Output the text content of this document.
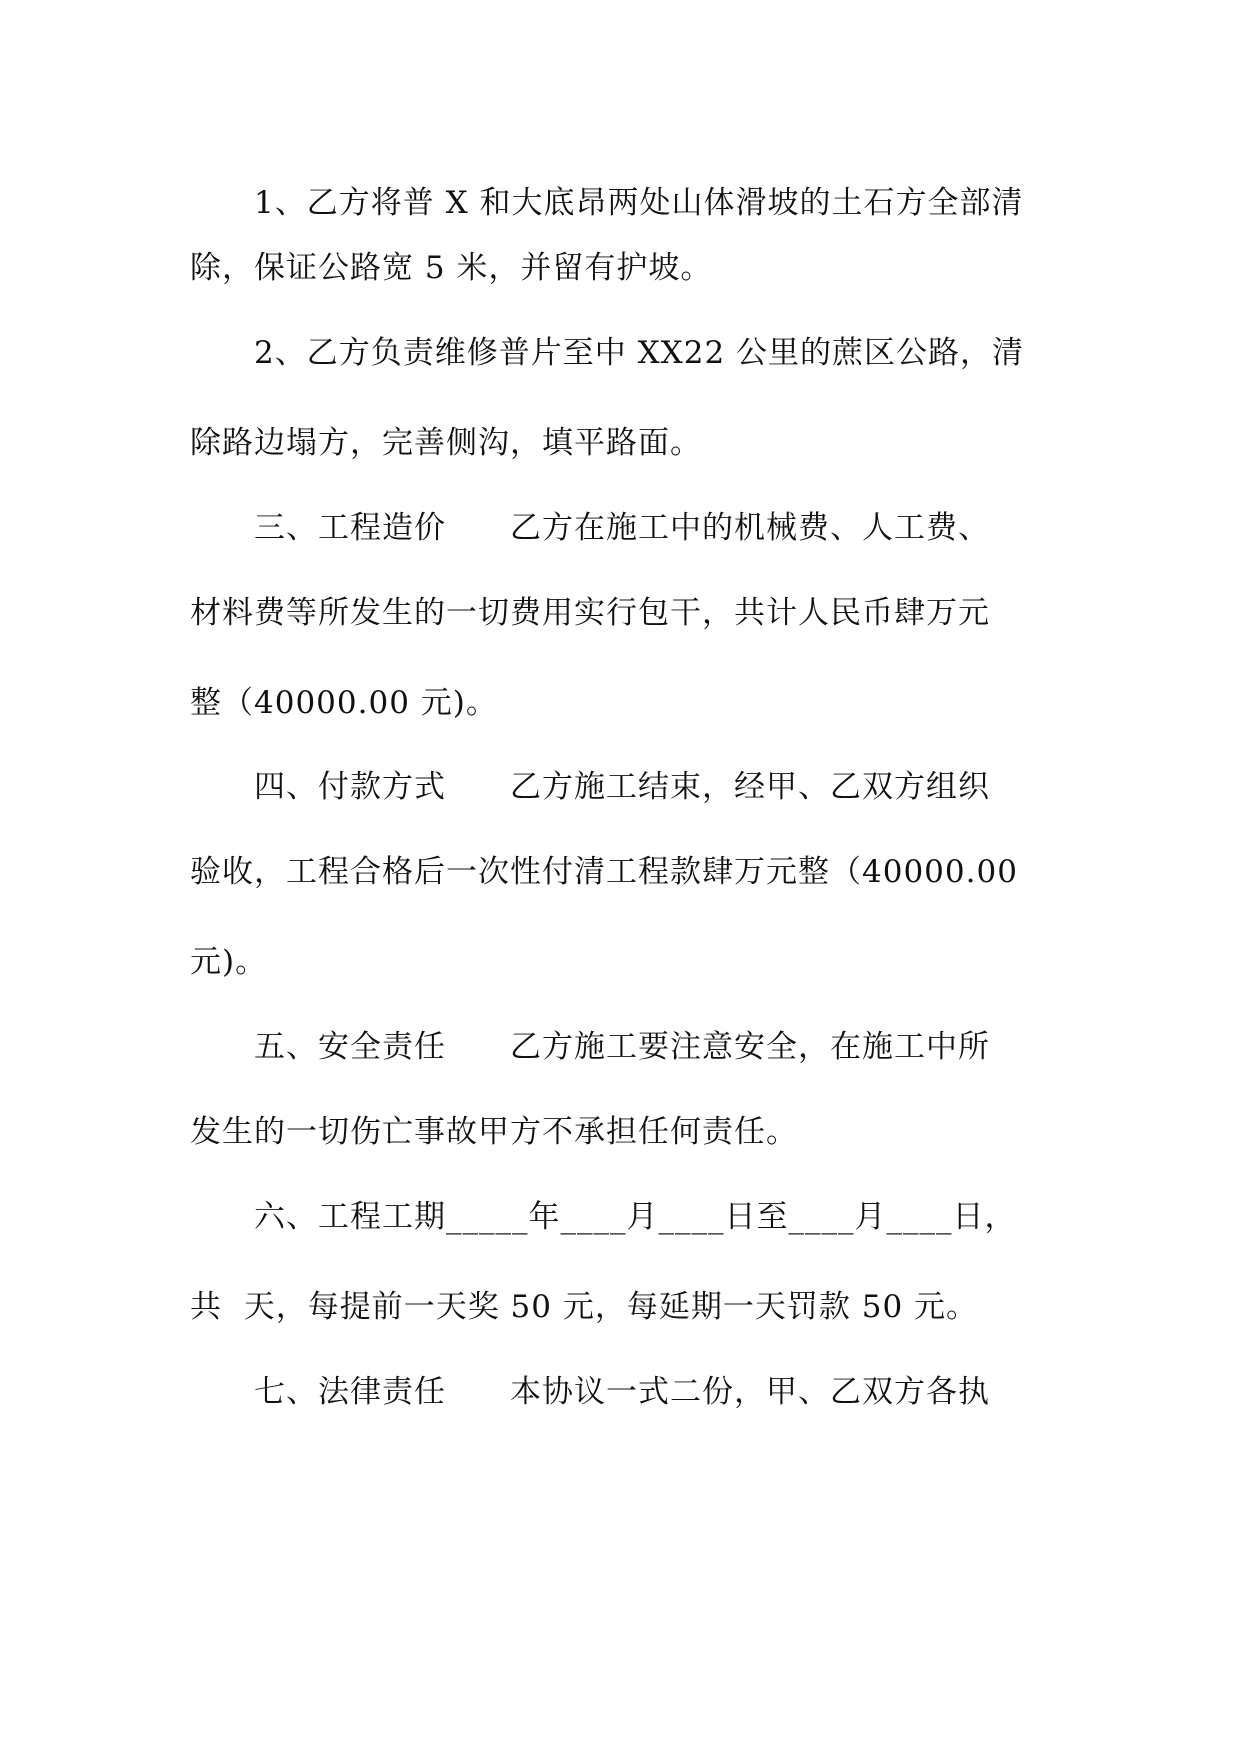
1、乙方将普 X 和大底昂两处山体滑坡的土石方全部清
除，保证公路宽 5 米，并留有护坡。
2、乙方负责维修普片至中 XX22 公里的蔗区公路，清
除路边塌方，完善侧沟，填平路面。
三、工程造价　　乙方在施工中的机械费、人工费、
材料费等所发生的一切费用实行包干，共计人民币肆万元
整（40000.00 元)。
四、付款方式　　乙方施工结束，经甲、乙双方组织
验收，工程合格后一次性付清工程款肆万元整（40000.00
元)。
五、安全责任　　乙方施工要注意安全，在施工中所
发生的一切伤亡事故甲方不承担任何责任。
六、工程工期_____年____月____日至____月____日，
共  天，每提前一天奖 50 元，每延期一天罚款 50 元。
七、法律责任　　本协议一式二份，甲、乙双方各执
